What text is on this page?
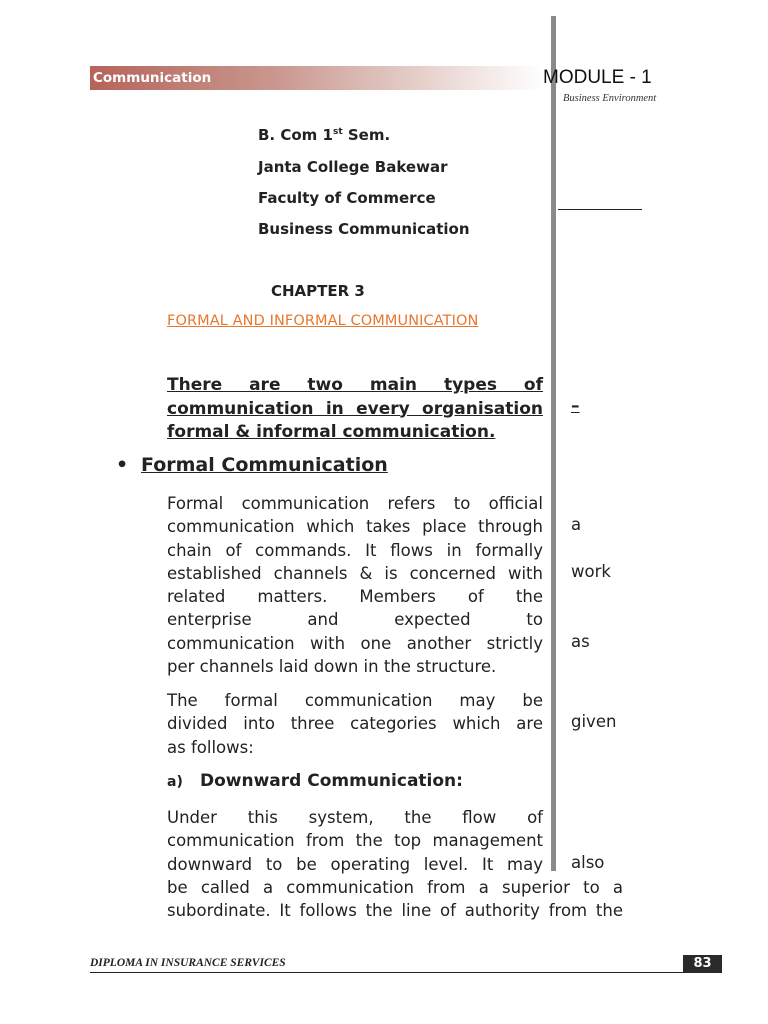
Communication	MODULE - 1
Business Environment
B. Com 1st Sem.
Janta College Bakewar
Faculty of Commerce
Business Communication
CHAPTER 3
FORMAL AND INFORMAL COMMUNICATION
There are two main types of
communication in every organisation
formal & informal communication.
–
• Formal Communication
Formal communication refers to official
communication which takes place through
chain of commands. It flows in formally
established channels & is concerned with
related matters. Members of the
enterprise and expected to
communication with one another strictly
per channels laid down in the structure.
a
work
as
The formal communication may be
divided into three categories which are
as follows:
given
a) Downward Communication:
Under this system, the flow of
communication from the top management
downward to be operating level. It may also
be called a communication from a superior to a
subordinate. It follows the line of authority from the
DIPLOMA IN INSURANCE SERVICES	83
